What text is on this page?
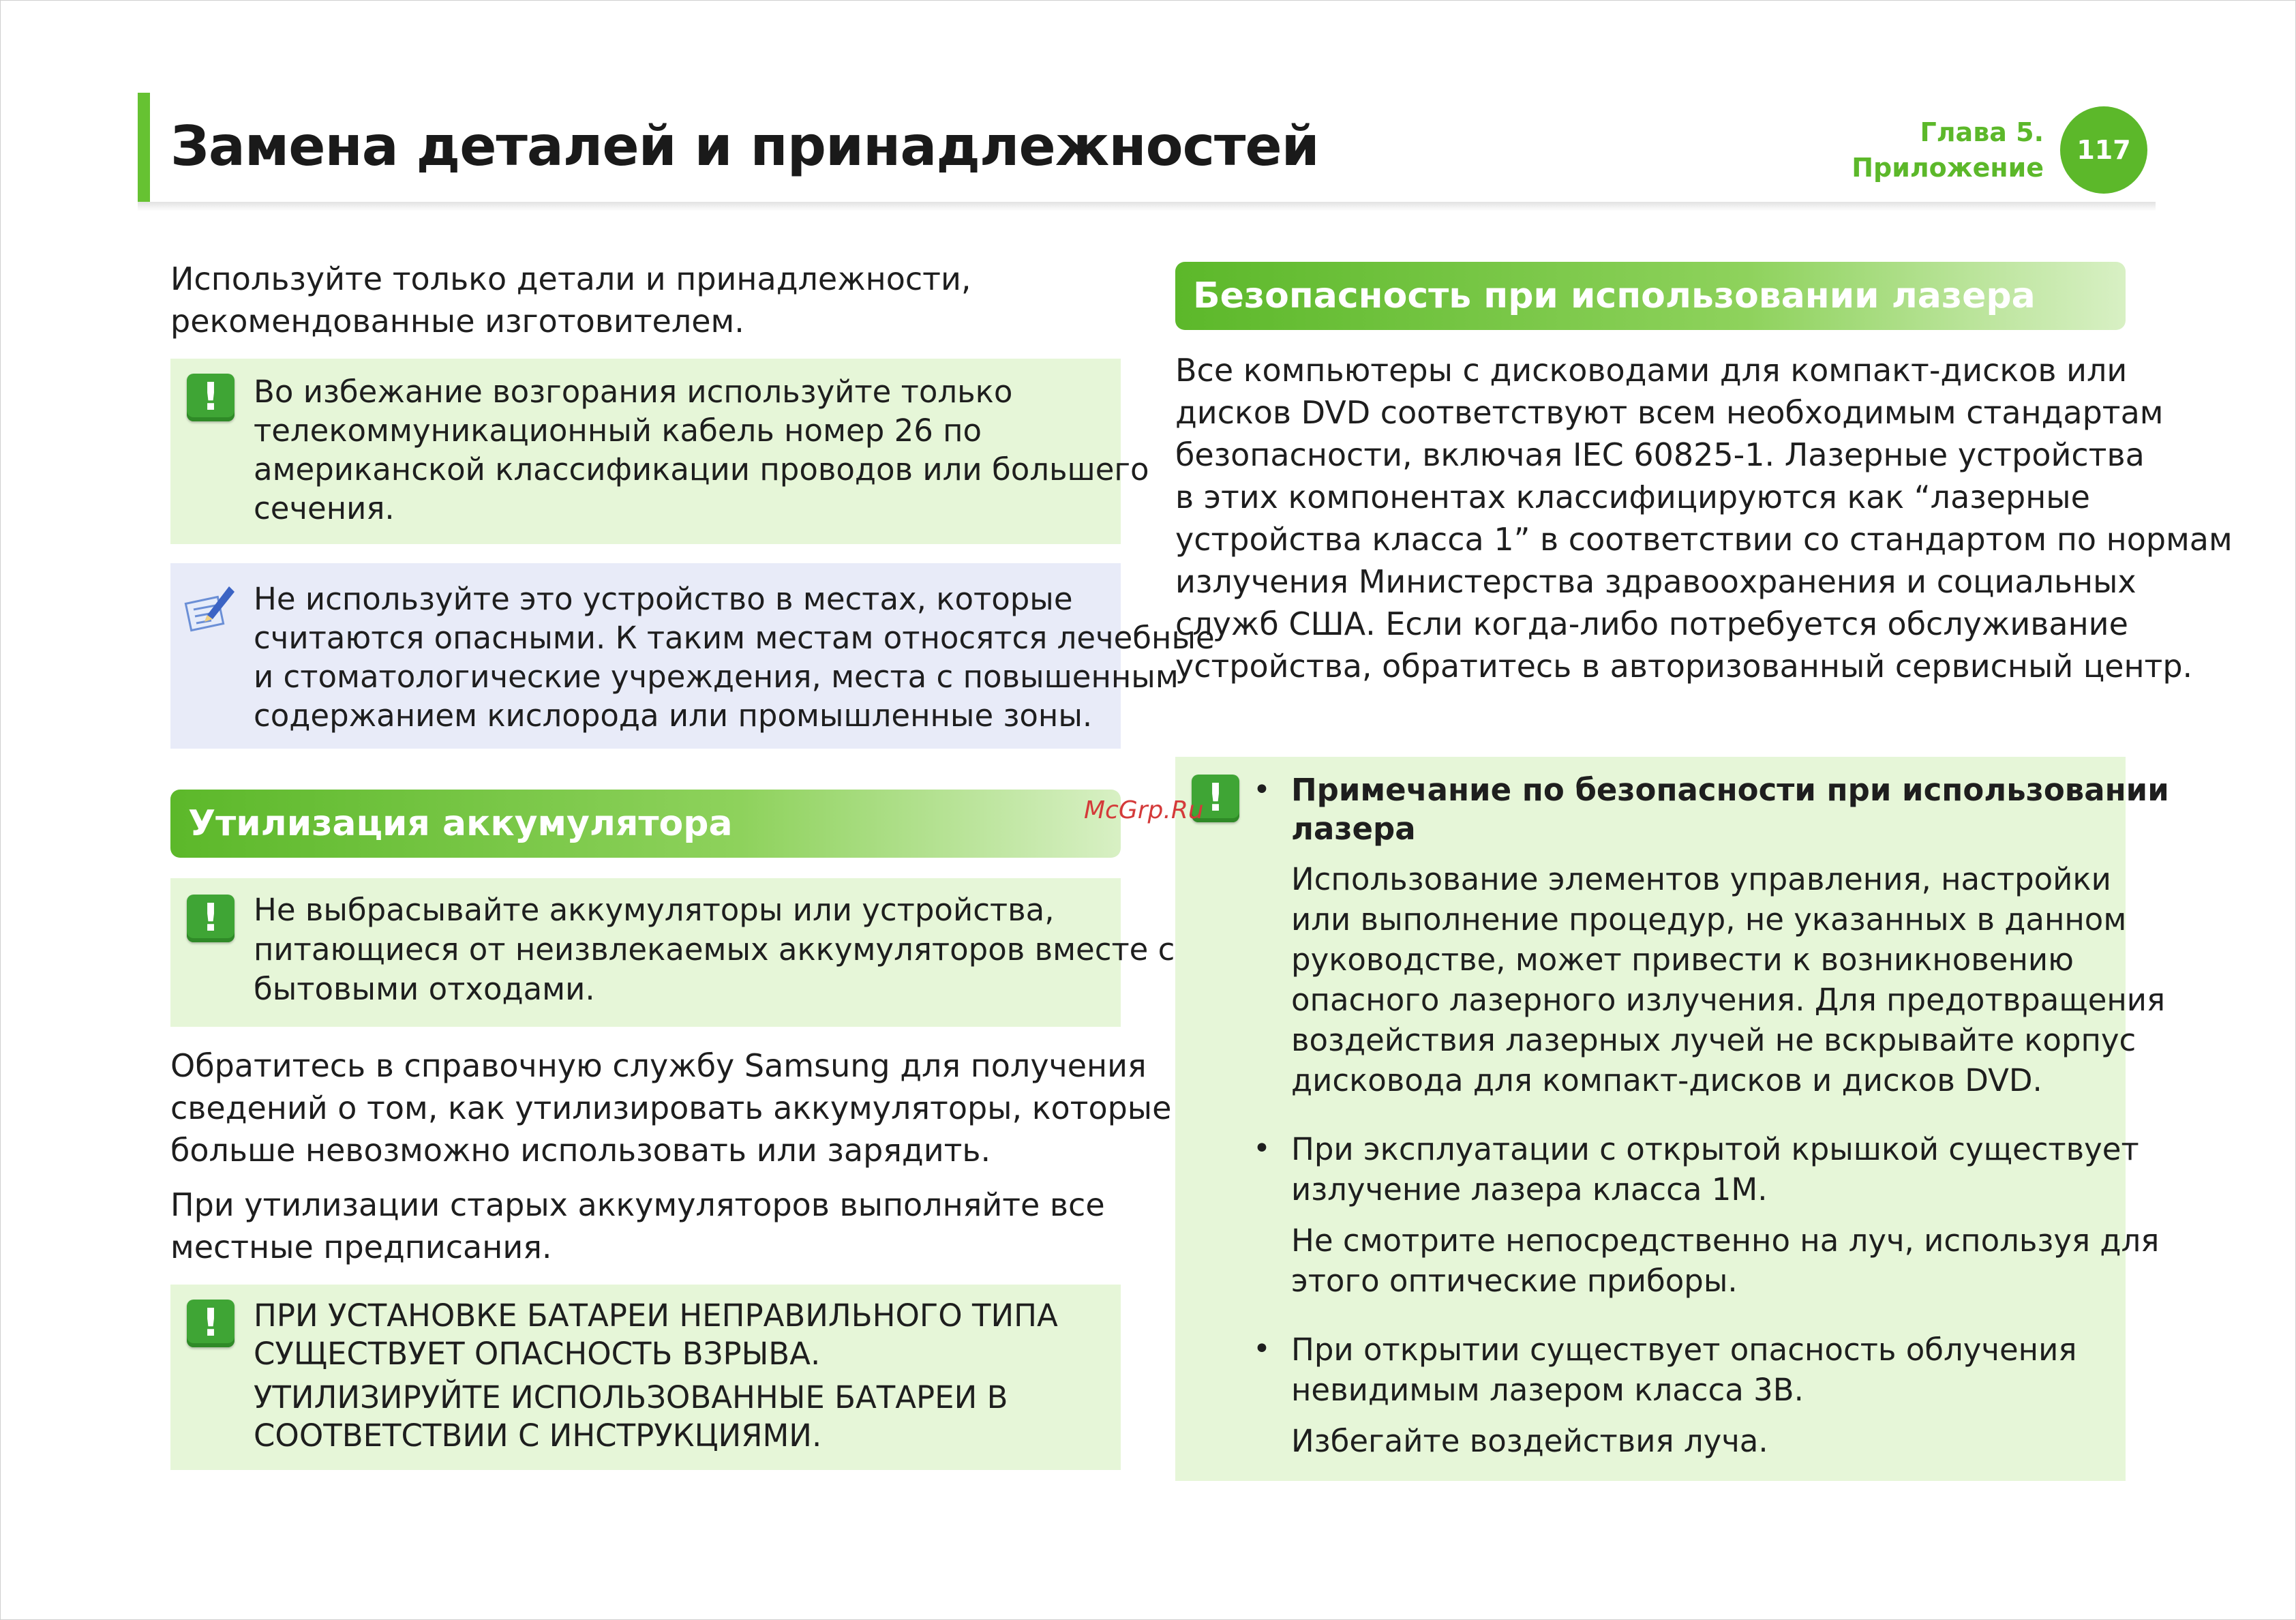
Замена деталей и принадлежностей	Глава 5.
Приложение
117
Используйте только детали и принадлежности,
рекомендованные изготовителем.
!	Во избежание возгорания используйте только
телекоммуникационный кабель номер 26 по
американской классификации проводов или большего
сечения.
Не используйте это устройство в местах, которые
считаются опасными. К таким местам относятся лечебные
и стоматологические учреждения, места с повышенным
содержанием кислорода или промышленные зоны.
Утилизация аккумулятора
!	Не выбрасывайте аккумуляторы или устройства,
питающиеся от неизвлекаемых аккумуляторов вместе с
бытовыми отходами.
Обратитесь в справочную службу Samsung для получения
сведений о том, как утилизировать аккумуляторы, которые
больше невозможно использовать или зарядить.
При утилизации старых аккумуляторов выполняйте все
местные предписания.
!	ПРИ УСТАНОВКЕ БАТАРЕИ НЕПРАВИЛЬНОГО ТИПА
СУЩЕСТВУЕТ ОПАСНОСТЬ ВЗРЫВА.
УТИЛИЗИРУЙТЕ ИСПОЛЬЗОВАННЫЕ БАТАРЕИ В
СООТВЕТСТВИИ С ИНСТРУКЦИЯМИ.
Безопасность при использовании лазера
Все компьютеры с дисководами для компакт-дисков или
дисков DVD соответствуют всем необходимым стандартам
безопасности, включая IEC 60825-1. Лазерные устройства
в этих компонентах классифицируются как “лазерные
устройства класса 1” в соответствии со стандартом по нормам
излучения Министерства здравоохранения и социальных
служб США. Если когда-либо потребуется обслуживание
устройства, обратитесь в авторизованный сервисный центр.
! • Примечание по безопасности при использовании
лазера
Использование элементов управления, настройки
или выполнение процедур, не указанных в данном
руководстве, может привести к возникновению
опасного лазерного излучения. Для предотвращения
воздействия лазерных лучей не вскрывайте корпус
дисковода для компакт-дисков и дисков DVD.
• При эксплуатации с открытой крышкой существует
излучение лазера класса 1M.
Не смотрите непосредственно на луч, используя для
этого оптические приборы.
• При открытии существует опасность облучения
невидимым лазером класса 3B.
Избегайте воздействия луча.
McGrp.Ru
